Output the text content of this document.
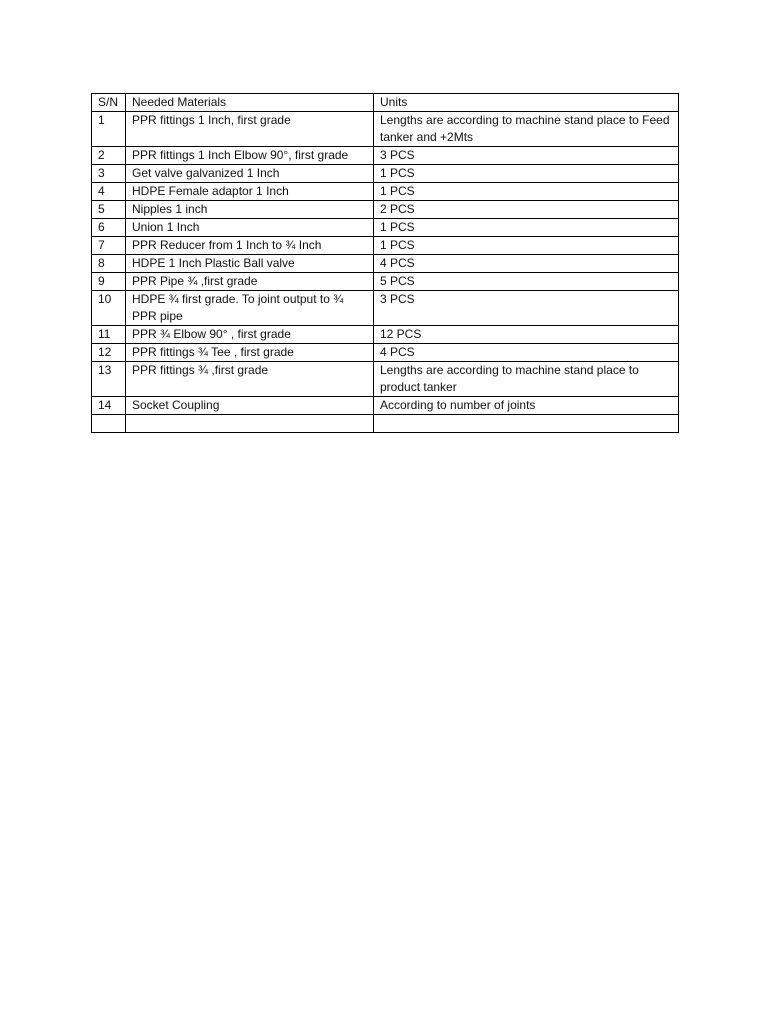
S/N	Needed Materials	Units
1	PPR fittings 1 Inch, first grade	Lengths are according to machine stand place to Feed tanker and +2Mts
2	PPR fittings 1 Inch Elbow 90°, first grade	3 PCS
3	Get valve galvanized 1 Inch	1 PCS
4	HDPE Female adaptor 1 Inch	1 PCS
5	Nipples 1 inch	2 PCS
6	Union 1 Inch	1 PCS
7	PPR Reducer from 1 Inch to ¾ Inch	1 PCS
8	HDPE 1 Inch Plastic Ball valve	4 PCS
9	PPR Pipe ¾ ,first grade	5 PCS
10	HDPE ¾ first grade. To joint output to ¾ PPR pipe	3 PCS
11	PPR ¾ Elbow 90° , first grade	12 PCS
12	PPR fittings ¾ Tee , first grade	4 PCS
13	PPR fittings ¾ ,first grade	Lengths are according to machine stand place to product tanker
14	Socket Coupling	According to number of joints
